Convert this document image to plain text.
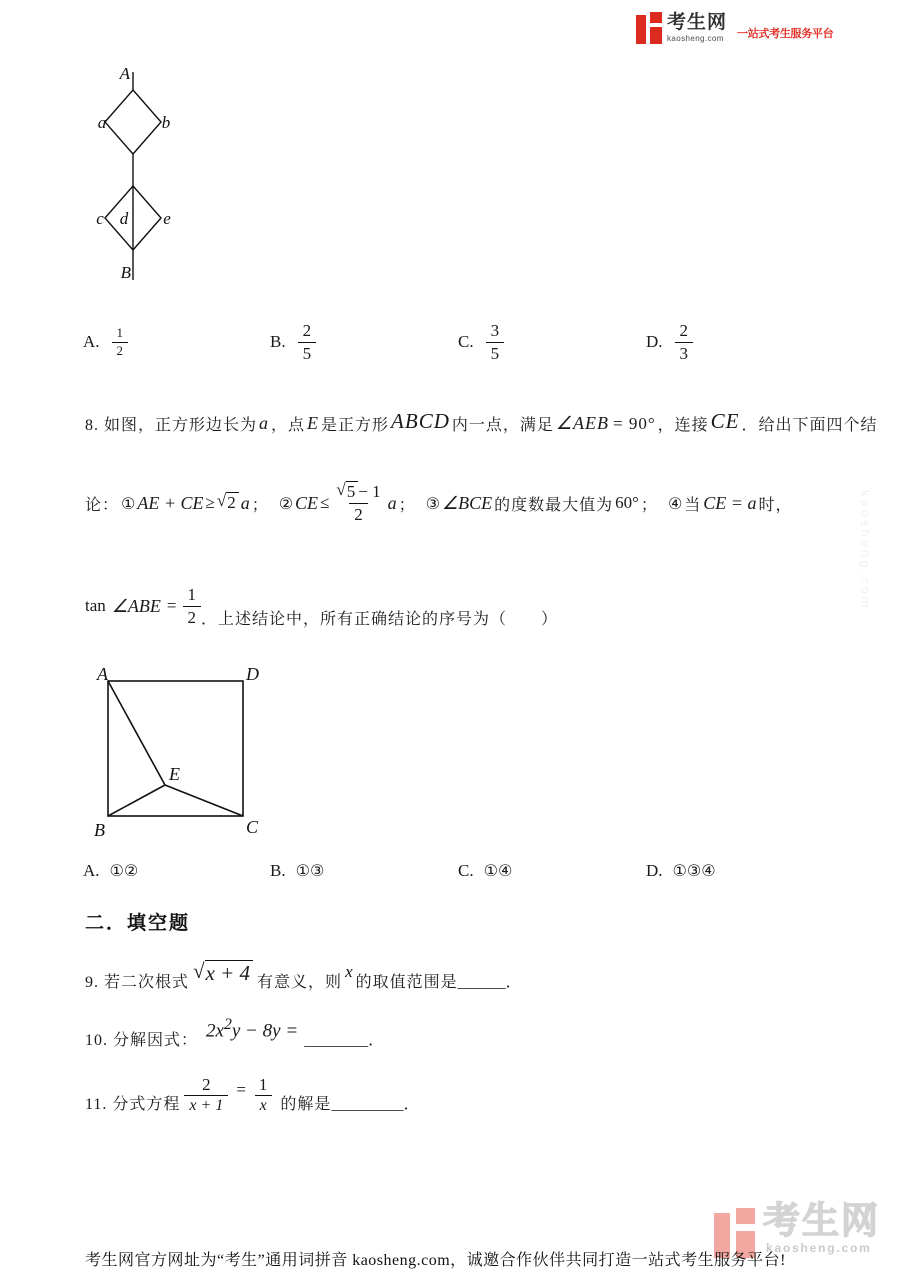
考生网
kaosheng.com 一站式考生服务平台
A
a	b
c d e
B
A. $\frac{1}{2}$	B. $\frac{2}{5}$	C. $\frac{3}{5}$	D. $\frac{2}{3}$
8. 如图，正方形边长为 a ，点 E 是正方形ABCD 内一点，满足 ∠AEB = 90° ，连接CE ．给出下面四个结
论： ① AE + CE ≥ √ 2 a ； ② CE ≤ $\frac{√ 5 - 1}{2}$ a ； ③ ∠BCE 的度数最大值为 60° ； ④ 当 CE = a 时，
tan ∠ABE = $\frac{1}{2}$ ．上述结论中，所有正确结论的序号为（　　）
A	D
B	C
E
A. ①②	B. ①③	C. ①④	D. ①③④
二．填空题
9. 若二次根式 √ x + 4 有意义，则
x
的取值范围是 ______ ．
10. 分解因式： $2x^2y - 8y$ = ________ ．
11. 分式方程 $\frac{2}{x + 1} = \frac{1}{x}$ 的解是 _________ ．
考生网
kaosheng.com
kaosheng.com
考生网官方网址为“考生”通用词拼音 kaosheng.com，诚邀合作伙伴共同打造一站式考生服务平台!
